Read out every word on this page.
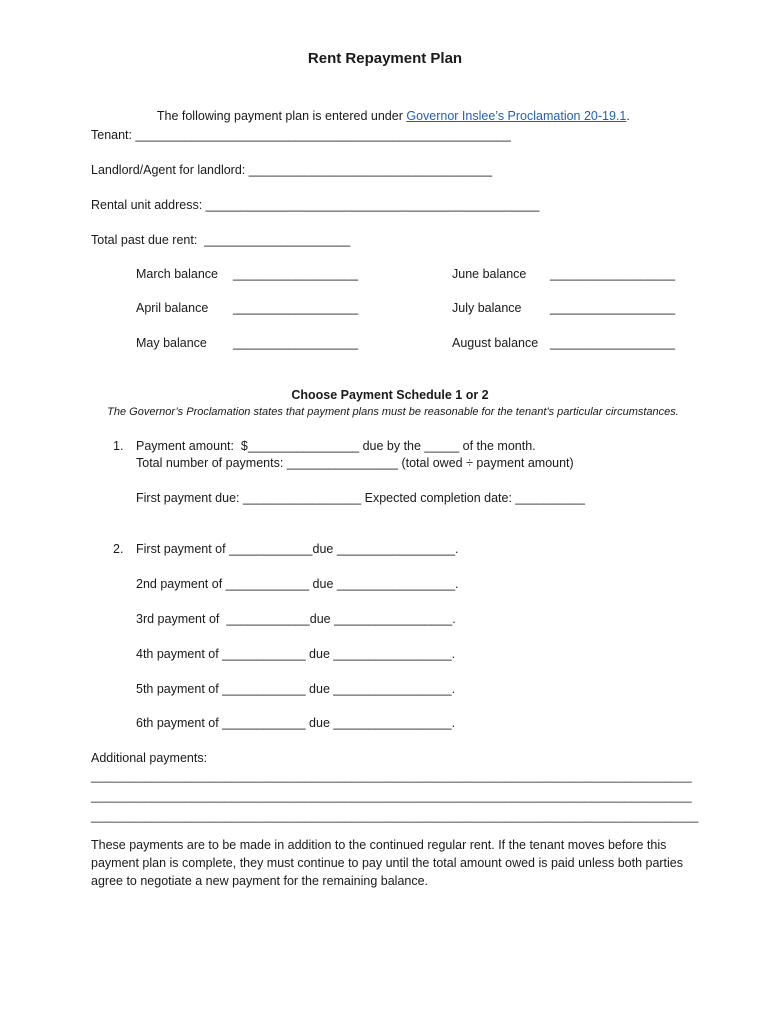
Rent Repayment Plan

The following payment plan is entered under Governor Inslee’s Proclamation 20-19.1.

Tenant: ______________________________________________________
Landlord/Agent for landlord: ___________________________________
Rental unit address: ________________________________________________
Total past due rent:  _____________________
March balance __________________	June balance __________________
April balance __________________	July balance __________________
May balance __________________	August balance __________________
Choose Payment Schedule 1 or 2
The Governor’s Proclamation states that payment plans must be reasonable for the tenant’s particular circumstances.
1. Payment amount:  $________________ due by the _____ of the month.
Total number of payments: ________________ (total owed ÷ payment amount)
First payment due: _________________ Expected completion date: __________
2. First payment of ____________due _________________.
2nd payment of ____________ due _________________.
3rd payment of  ____________due _________________.
4th payment of ____________ due _________________.
5th payment of ____________ due _________________.
6th payment of ____________ due _________________.
Additional payments:
__________________________________________________________________________________________
__________________________________________________________________________________________
___________________________________________________________________________________________
These payments are to be made in addition to the continued regular rent. If the tenant moves before this payment plan is complete, they must continue to pay until the total amount owed is paid unless both parties agree to negotiate a new payment for the remaining balance.
